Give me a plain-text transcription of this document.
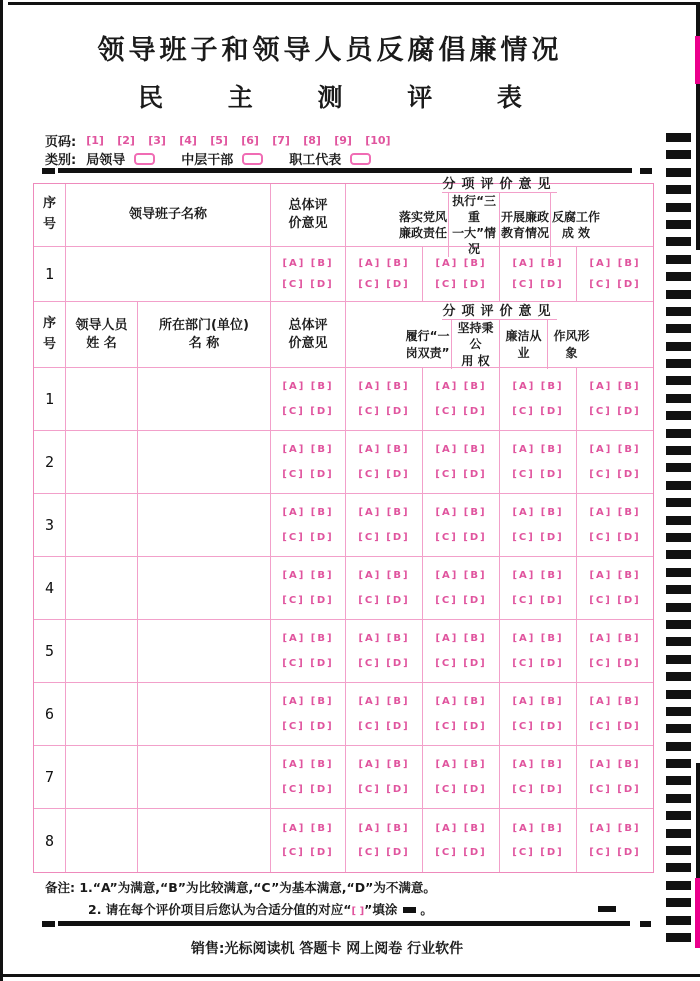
领导班子和领导人员反腐倡廉情况
民 主 测 评 表
页码: [1] [2] [3] [4] [5] [6] [7] [8] [9] [10]
类别: 局领导	中层干部	职工代表
序号
领导班子名称
总体评
价意见
分项评价意见
落实党风
廉政责任
执行“三重
一大”情况
开展廉政
教育情况
反腐工作
成 效
1
[A] [B]
[C] [D]
[A] [B]
[C] [D]
[A] [B]
[C] [D]
[A] [B]
[C] [D]
[A] [B]
[C] [D]
序号
领导人员
姓 名
所在部门(单位)
名 称
总体评
价意见
分项评价意见
履行“一
岗双责”
坚持秉公
用 权
廉洁从业
作风形象
1
[A] [B]
[C] [D]
[A] [B]
[C] [D]
[A] [B]
[C] [D]
[A] [B]
[C] [D]
[A] [B]
[C] [D]
2
[A] [B]
[C] [D]
[A] [B]
[C] [D]
[A] [B]
[C] [D]
[A] [B]
[C] [D]
[A] [B]
[C] [D]
3
[A] [B]
[C] [D]
[A] [B]
[C] [D]
[A] [B]
[C] [D]
[A] [B]
[C] [D]
[A] [B]
[C] [D]
4
[A] [B]
[C] [D]
[A] [B]
[C] [D]
[A] [B]
[C] [D]
[A] [B]
[C] [D]
[A] [B]
[C] [D]
5
[A] [B]
[C] [D]
[A] [B]
[C] [D]
[A] [B]
[C] [D]
[A] [B]
[C] [D]
[A] [B]
[C] [D]
6
[A] [B]
[C] [D]
[A] [B]
[C] [D]
[A] [B]
[C] [D]
[A] [B]
[C] [D]
[A] [B]
[C] [D]
7
[A] [B]
[C] [D]
[A] [B]
[C] [D]
[A] [B]
[C] [D]
[A] [B]
[C] [D]
[A] [B]
[C] [D]
8
[A] [B]
[C] [D]
[A] [B]
[C] [D]
[A] [B]
[C] [D]
[A] [B]
[C] [D]
[A] [B]
[C] [D]
备注: 1.“A”为满意,“B”为比较满意,“C”为基本满意,“D”为不满意。
2. 请在每个评价项目后您认为合适分值的对应“[ ]”填涂 。
销售:光标阅读机 答题卡 网上阅卷 行业软件
